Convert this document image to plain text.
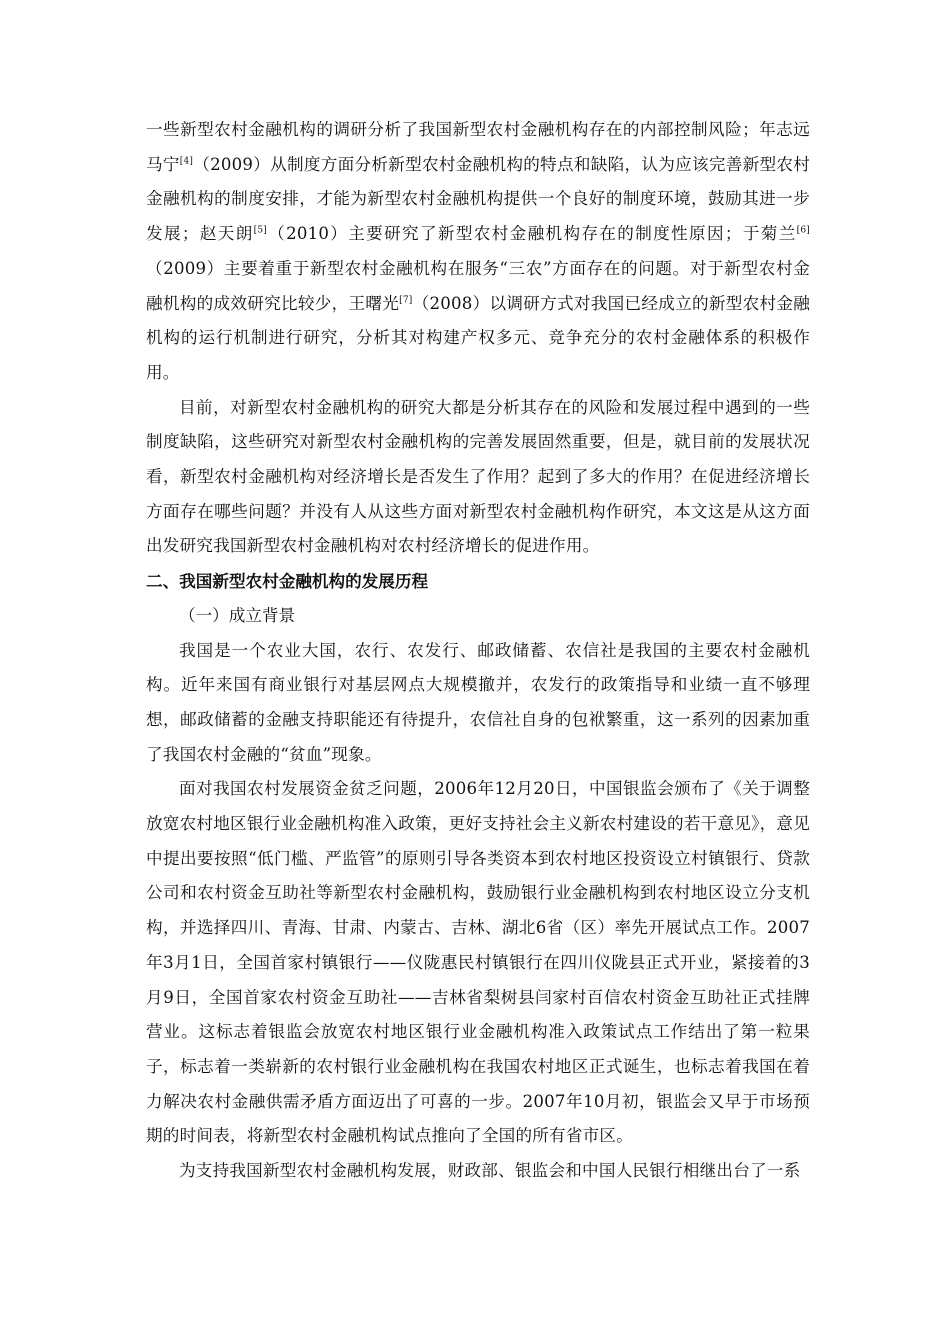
一些新型农村金融机构的调研分析了我国新型农村金融机构存在的内部控制风险；年志远马宁[4]（2009）从制度方面分析新型农村金融机构的特点和缺陷，认为应该完善新型农村金融机构的制度安排，才能为新型农村金融机构提供一个良好的制度环境，鼓励其进一步发展；赵天朗[5]（2010）主要研究了新型农村金融机构存在的制度性原因；于菊兰[6]（2009）主要着重于新型农村金融机构在服务“三农”方面存在的问题。对于新型农村金融机构的成效研究比较少，王曙光[7]（2008）以调研方式对我国已经成立的新型农村金融机构的运行机制进行研究，分析其对构建产权多元、竞争充分的农村金融体系的积极作用。

目前，对新型农村金融机构的研究大都是分析其存在的风险和发展过程中遇到的一些制度缺陷，这些研究对新型农村金融机构的完善发展固然重要，但是，就目前的发展状况看，新型农村金融机构对经济增长是否发生了作用？起到了多大的作用？在促进经济增长方面存在哪些问题？并没有人从这些方面对新型农村金融机构作研究，本文这是从这方面出发研究我国新型农村金融机构对农村经济增长的促进作用。

二、我国新型农村金融机构的发展历程

（一）成立背景

我国是一个农业大国，农行、农发行、邮政储蓄、农信社是我国的主要农村金融机构。近年来国有商业银行对基层网点大规模撤并，农发行的政策指导和业绩一直不够理想，邮政储蓄的金融支持职能还有待提升，农信社自身的包袱繁重，这一系列的因素加重了我国农村金融的“贫血”现象。

面对我国农村发展资金贫乏问题，2006年12月20日，中国银监会颁布了《关于调整放宽农村地区银行业金融机构准入政策，更好支持社会主义新农村建设的若干意见》，意见中提出要按照“低门槛、严监管”的原则引导各类资本到农村地区投资设立村镇银行、贷款公司和农村资金互助社等新型农村金融机构，鼓励银行业金融机构到农村地区设立分支机构，并选择四川、青海、甘肃、内蒙古、吉林、湖北6省（区）率先开展试点工作。2007年3月1日，全国首家村镇银行——仪陇惠民村镇银行在四川仪陇县正式开业，紧接着的3月9日，全国首家农村资金互助社——吉林省梨树县闫家村百信农村资金互助社正式挂牌营业。这标志着银监会放宽农村地区银行业金融机构准入政策试点工作结出了第一粒果子，标志着一类崭新的农村银行业金融机构在我国农村地区正式诞生，也标志着我国在着力解决农村金融供需矛盾方面迈出了可喜的一步。2007年10月初，银监会又早于市场预期的时间表，将新型农村金融机构试点推向了全国的所有省市区。

为支持我国新型农村金融机构发展，财政部、银监会和中国人民银行相继出台了一系
